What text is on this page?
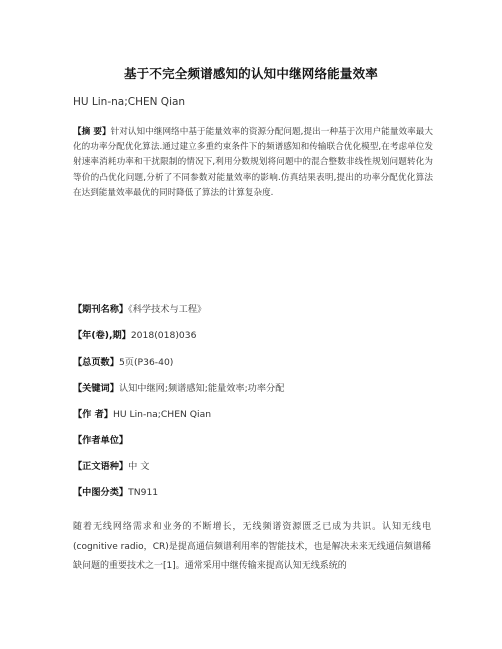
基于不完全频谱感知的认知中继网络能量效率
HU Lin-na;CHEN Qian
【摘 要】针对认知中继网络中基于能量效率的资源分配问题,提出一种基于次用户能量效率最大化的功率分配优化算法.通过建立多重约束条件下的频谱感知和传输联合优化模型,在考虑单位发射速率消耗功率和干扰限制的情况下,利用分数规划将问题中的混合整数非线性规划问题转化为等价的凸优化问题,分析了不同参数对能量效率的影响.仿真结果表明,提出的功率分配优化算法在达到能量效率最优的同时降低了算法的计算复杂度.
【期刊名称】《科学技术与工程》
【年(卷),期】2018(018)036
【总页数】5页(P36-40)
【关键词】认知中继网;频谱感知;能量效率;功率分配
【作 者】HU Lin-na;CHEN Qian
【作者单位】
【正文语种】中 文
【中图分类】TN911
随着无线网络需求和业务的不断增长，无线频谱资源匮乏已成为共识。认知无线电(cognitive radio，CR)是提高通信频谱利用率的智能技术，也是解决未来无线通信频谱稀缺问题的重要技术之一[1]。通常采用中继传输来提高认知无线系统的
